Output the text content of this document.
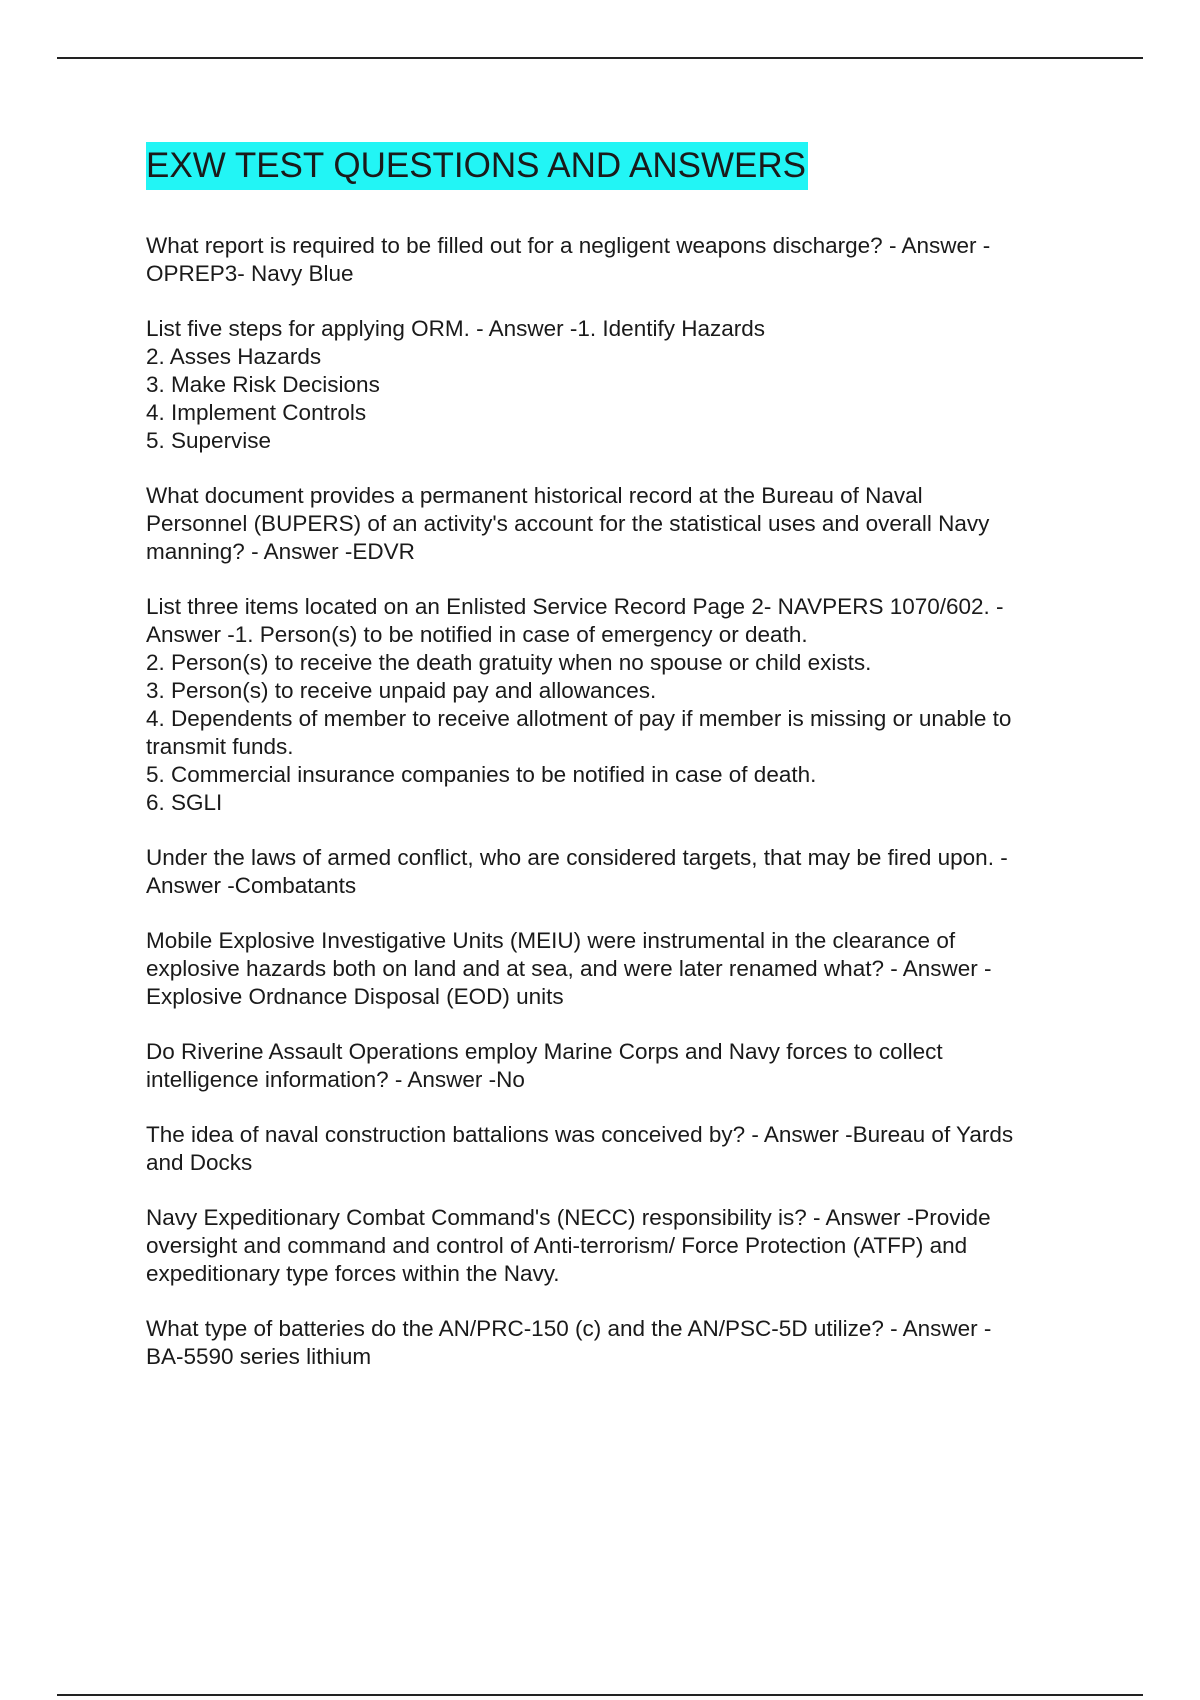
EXW TEST QUESTIONS AND ANSWERS
What report is required to be filled out for a negligent weapons discharge? - Answer -
OPREP3- Navy Blue
List five steps for applying ORM. - Answer -1. Identify Hazards
2. Asses Hazards
3. Make Risk Decisions
4. Implement Controls
5. Supervise
What document provides a permanent historical record at the Bureau of Naval
Personnel (BUPERS) of an activity's account for the statistical uses and overall Navy
manning? - Answer -EDVR
List three items located on an Enlisted Service Record Page 2- NAVPERS 1070/602. -
Answer -1. Person(s) to be notified in case of emergency or death.
2. Person(s) to receive the death gratuity when no spouse or child exists.
3. Person(s) to receive unpaid pay and allowances.
4. Dependents of member to receive allotment of pay if member is missing or unable to
transmit funds.
5. Commercial insurance companies to be notified in case of death.
6. SGLI
Under the laws of armed conflict, who are considered targets, that may be fired upon. -
Answer -Combatants
Mobile Explosive Investigative Units (MEIU) were instrumental in the clearance of
explosive hazards both on land and at sea, and were later renamed what? - Answer -
Explosive Ordnance Disposal (EOD) units
Do Riverine Assault Operations employ Marine Corps and Navy forces to collect
intelligence information? - Answer -No
The idea of naval construction battalions was conceived by? - Answer -Bureau of Yards
and Docks
Navy Expeditionary Combat Command's (NECC) responsibility is? - Answer -Provide
oversight and command and control of Anti-terrorism/ Force Protection (ATFP) and
expeditionary type forces within the Navy.
What type of batteries do the AN/PRC-150 (c) and the AN/PSC-5D utilize? - Answer -
BA-5590 series lithium
